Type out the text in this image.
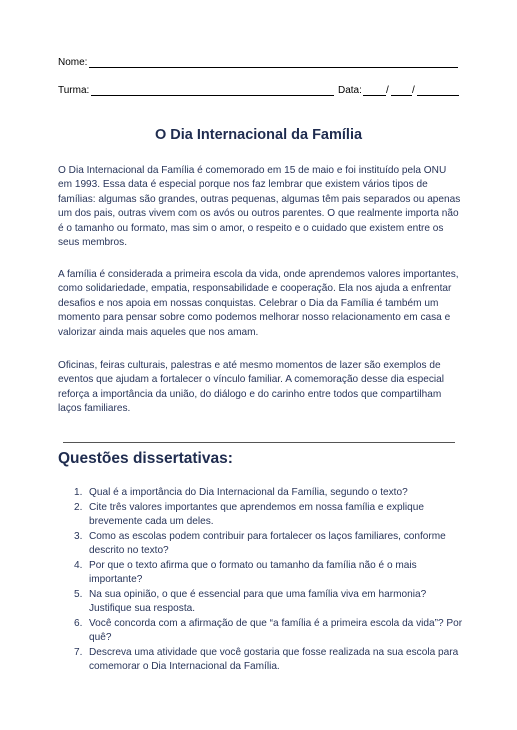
Nome:
Turma:	Data: / /
O Dia Internacional da Família

O Dia Internacional da Família é comemorado em 15 de maio e foi instituído pela ONU em 1993. Essa data é especial porque nos faz lembrar que existem vários tipos de famílias: algumas são grandes, outras pequenas, algumas têm pais separados ou apenas um dos pais, outras vivem com os avós ou outros parentes. O que realmente importa não é o tamanho ou formato, mas sim o amor, o respeito e o cuidado que existem entre os seus membros.

A família é considerada a primeira escola da vida, onde aprendemos valores importantes, como solidariedade, empatia, responsabilidade e cooperação. Ela nos ajuda a enfrentar desafios e nos apoia em nossas conquistas. Celebrar o Dia da Família é também um momento para pensar sobre como podemos melhorar nosso relacionamento em casa e valorizar ainda mais aqueles que nos amam.

Oficinas, feiras culturais, palestras e até mesmo momentos de lazer são exemplos de eventos que ajudam a fortalecer o vínculo familiar. A comemoração desse dia especial reforça a importância da união, do diálogo e do carinho entre todos que compartilham laços familiares.

Questões dissertativas:
1. Qual é a importância do Dia Internacional da Família, segundo o texto?
2. Cite três valores importantes que aprendemos em nossa família e explique brevemente cada um deles.
3. Como as escolas podem contribuir para fortalecer os laços familiares, conforme descrito no texto?
4. Por que o texto afirma que o formato ou tamanho da família não é o mais importante?
5. Na sua opinião, o que é essencial para que uma família viva em harmonia? Justifique sua resposta.
6. Você concorda com a afirmação de que “a família é a primeira escola da vida”? Por quê?
7. Descreva uma atividade que você gostaria que fosse realizada na sua escola para comemorar o Dia Internacional da Família.
